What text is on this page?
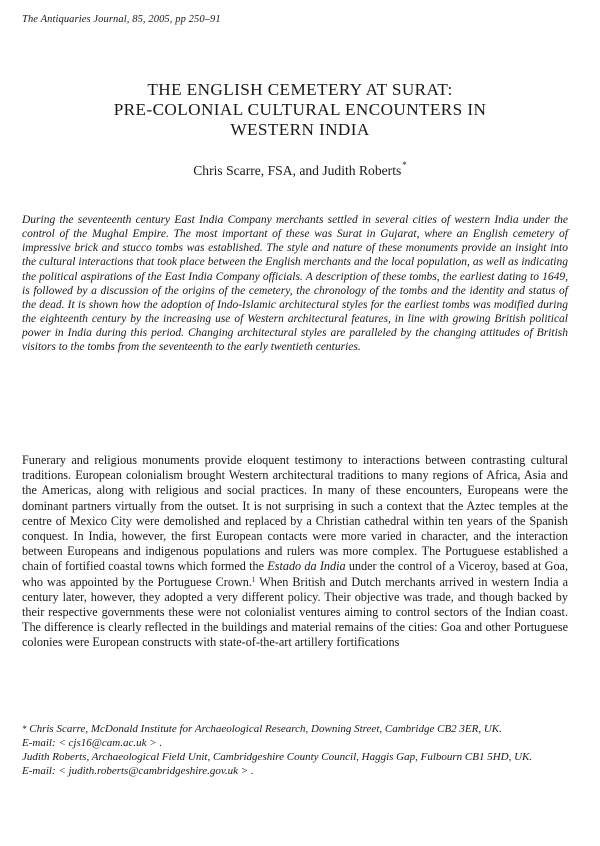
The Antiquaries Journal, 85, 2005, pp 250–91
THE ENGLISH CEMETERY AT SURAT:
PRE-COLONIAL CULTURAL ENCOUNTERS IN
WESTERN INDIA
Chris Scarre, FSA, and Judith Roberts*
During the seventeenth century East India Company merchants settled in several cities of western India under the control of the Mughal Empire. The most important of these was Surat in Gujarat, where an English cemetery of impressive brick and stucco tombs was established. The style and nature of these monuments provide an insight into the cultural interactions that took place between the English merchants and the local population, as well as indicating the political aspirations of the East India Company officials. A description of these tombs, the earliest dating to 1649, is followed by a discussion of the origins of the cemetery, the chronology of the tombs and the identity and status of the dead. It is shown how the adoption of Indo-Islamic architectural styles for the earliest tombs was modified during the eighteenth century by the increasing use of Western architectural features, in line with growing British political power in India during this period. Changing architectural styles are paralleled by the changing attitudes of British visitors to the tombs from the seventeenth to the early twentieth centuries.
Funerary and religious monuments provide eloquent testimony to interactions between contrasting cultural traditions. European colonialism brought Western architectural traditions to many regions of Africa, Asia and the Americas, along with religious and social practices. In many of these encounters, Europeans were the dominant partners virtually from the outset. It is not surprising in such a context that the Aztec temples at the centre of Mexico City were demolished and replaced by a Christian cathedral within ten years of the Spanish conquest. In India, however, the first European contacts were more varied in character, and the interaction between Europeans and indigenous populations and rulers was more complex. The Portuguese established a chain of fortified coastal towns which formed the Estado da India under the control of a Viceroy, based at Goa, who was appointed by the Portuguese Crown.$^1$ When British and Dutch merchants arrived in western India a century later, however, they adopted a very different policy. Their objective was trade, and though backed by their respective governments these were not colonialist ventures aiming to control sectors of the Indian coast. The difference is clearly reflected in the buildings and material remains of the cities: Goa and other Portuguese colonies were European constructs with state-of-the-art artillery fortifications
* Chris Scarre, McDonald Institute for Archaeological Research, Downing Street, Cambridge CB2 3ER, UK.
E-mail: < cjs16@cam.ac.uk > .
Judith Roberts, Archaeological Field Unit, Cambridgeshire County Council, Haggis Gap, Fulbourn CB1 5HD, UK.
E-mail: < judith.roberts@cambridgeshire.gov.uk > .
